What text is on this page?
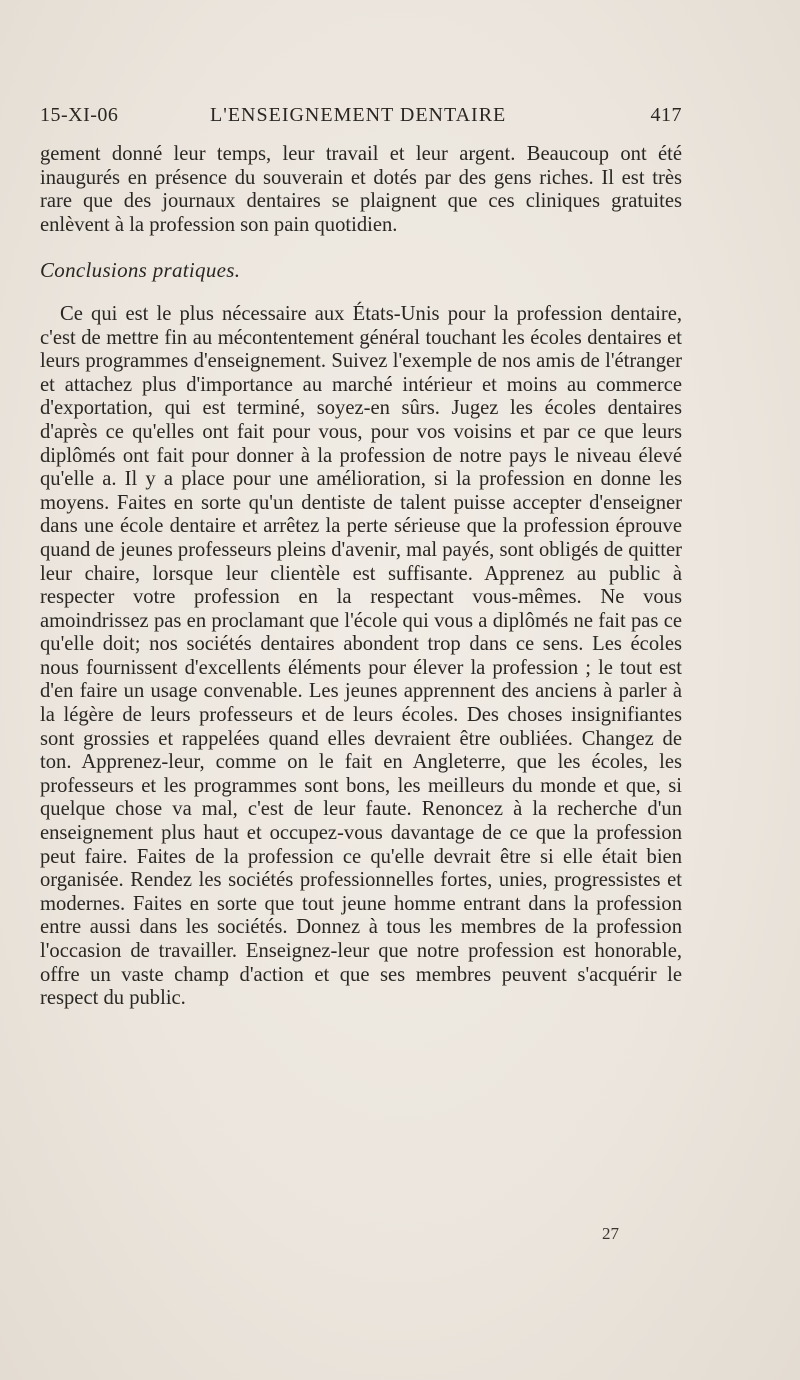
15-XI-06	L'ENSEIGNEMENT DENTAIRE	417

gement donné leur temps, leur travail et leur argent. Beaucoup ont été inaugurés en présence du souverain et dotés par des gens riches. Il est très rare que des journaux dentaires se plaignent que ces cliniques gratuites enlèvent à la profession son pain quotidien.

Conclusions pratiques.

Ce qui est le plus nécessaire aux États-Unis pour la profession dentaire, c'est de mettre fin au mécontentement général touchant les écoles dentaires et leurs programmes d'enseignement. Suivez l'exemple de nos amis de l'étranger et attachez plus d'importance au marché intérieur et moins au commerce d'exportation, qui est terminé, soyez-en sûrs. Jugez les écoles dentaires d'après ce qu'elles ont fait pour vous, pour vos voisins et par ce que leurs diplômés ont fait pour donner à la profession de notre pays le niveau élevé qu'elle a. Il y a place pour une amélioration, si la profession en donne les moyens. Faites en sorte qu'un dentiste de talent puisse accepter d'enseigner dans une école dentaire et arrêtez la perte sérieuse que la profession éprouve quand de jeunes professeurs pleins d'avenir, mal payés, sont obligés de quitter leur chaire, lorsque leur clientèle est suffisante. Apprenez au public à respecter votre profession en la respectant vous-mêmes. Ne vous amoindrissez pas en proclamant que l'école qui vous a diplômés ne fait pas ce qu'elle doit; nos sociétés dentaires abondent trop dans ce sens. Les écoles nous fournissent d'excellents éléments pour élever la profession ; le tout est d'en faire un usage convenable. Les jeunes apprennent des anciens à parler à la légère de leurs professeurs et de leurs écoles. Des choses insignifiantes sont grossies et rappelées quand elles devraient être oubliées. Changez de ton. Apprenez-leur, comme on le fait en Angleterre, que les écoles, les professeurs et les programmes sont bons, les meilleurs du monde et que, si quelque chose va mal, c'est de leur faute. Renoncez à la recherche d'un enseignement plus haut et occupez-vous davantage de ce que la profession peut faire. Faites de la profession ce qu'elle devrait être si elle était bien organisée. Rendez les sociétés professionnelles fortes, unies, progressistes et modernes. Faites en sorte que tout jeune homme entrant dans la profession entre aussi dans les sociétés. Donnez à tous les membres de la profession l'occasion de travailler. Enseignez-leur que notre profession est honorable, offre un vaste champ d'action et que ses membres peuvent s'acquérir le respect du public.

27
